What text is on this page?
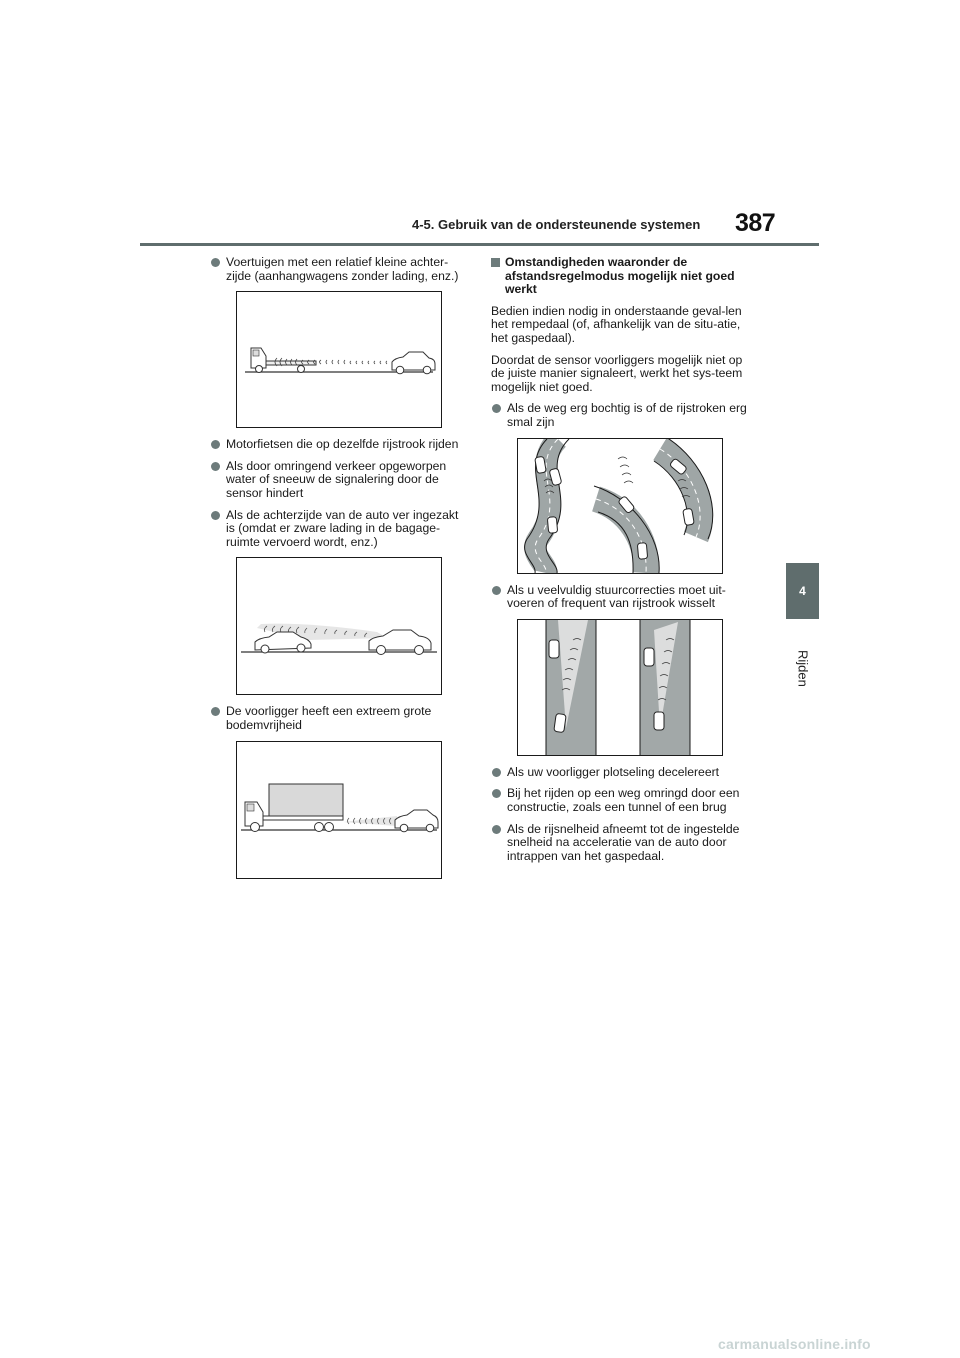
4-5. Gebruik van de ondersteunende systemen 387
4
Rijden
Voertuigen met een relatief kleine achter-zijde (aanhangwagens zonder lading, enz.)
Motorfietsen die op dezelfde rijstrook rijden
Als door omringend verkeer opgeworpen water of sneeuw de signalering door de sensor hindert
Als de achterzijde van de auto ver ingezakt is (omdat er zware lading in de bagage-ruimte vervoerd wordt, enz.)
De voorligger heeft een extreem grote bodemvrijheid
Omstandigheden waaronder de afstandsregelmodus mogelijk niet goed werkt
Bedien indien nodig in onderstaande geval-len het rempedaal (of, afhankelijk van de situ-atie, het gaspedaal).
Doordat de sensor voorliggers mogelijk niet op de juiste manier signaleert, werkt het sys-teem mogelijk niet goed.
Als de weg erg bochtig is of de rijstroken erg smal zijn
Als u veelvuldig stuurcorrecties moet uit-voeren of frequent van rijstrook wisselt
Als uw voorligger plotseling decelereert
Bij het rijden op een weg omringd door een constructie, zoals een tunnel of een brug
Als de rijsnelheid afneemt tot de ingestelde snelheid na acceleratie van de auto door intrappen van het gaspedaal.
carmanualsonline.info
